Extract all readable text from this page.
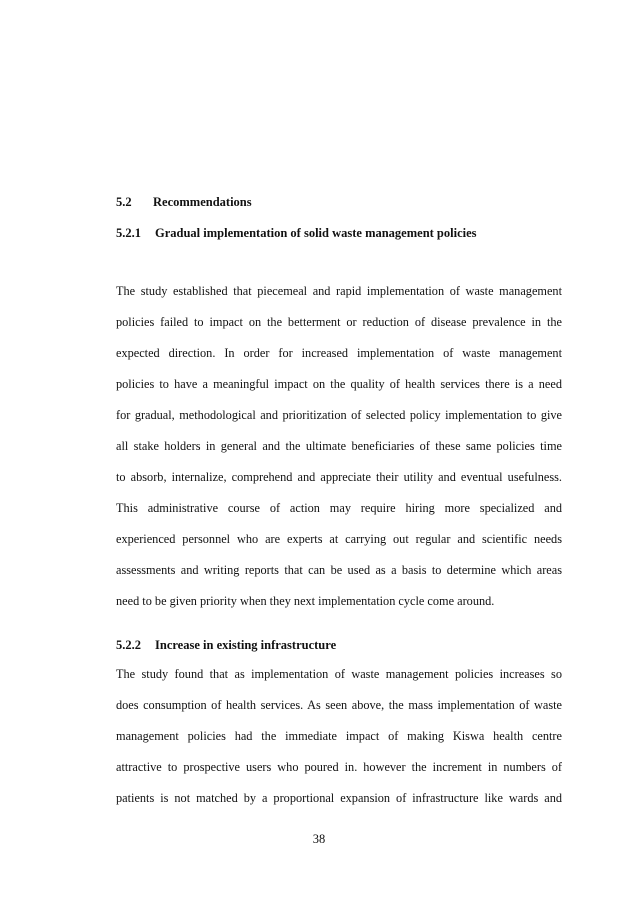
5.2 Recommendations
5.2.1 Gradual implementation of solid waste management policies
The study established that piecemeal and rapid implementation of waste management
policies failed to impact on the betterment or reduction of disease prevalence in the
expected direction. In order for increased implementation of waste management
policies to have a meaningful impact on the quality of health services there is a need
for gradual, methodological and prioritization of selected policy implementation to give
all stake holders in general and the ultimate beneficiaries of these same policies time
to absorb, internalize, comprehend and appreciate their utility and eventual usefulness.
This administrative course of action may require hiring more specialized and
experienced personnel who are experts at carrying out regular and scientific needs
assessments and writing reports that can be used as a basis to determine which areas
need to be given priority when they next implementation cycle come around.
5.2.2 Increase in existing infrastructure
The study found that as implementation of waste management policies increases so
does consumption of health services. As seen above, the mass implementation of waste
management policies had the immediate impact of making Kiswa health centre
attractive to prospective users who poured in. however the increment in numbers of
patients is not matched by a proportional expansion of infrastructure like wards and
38
